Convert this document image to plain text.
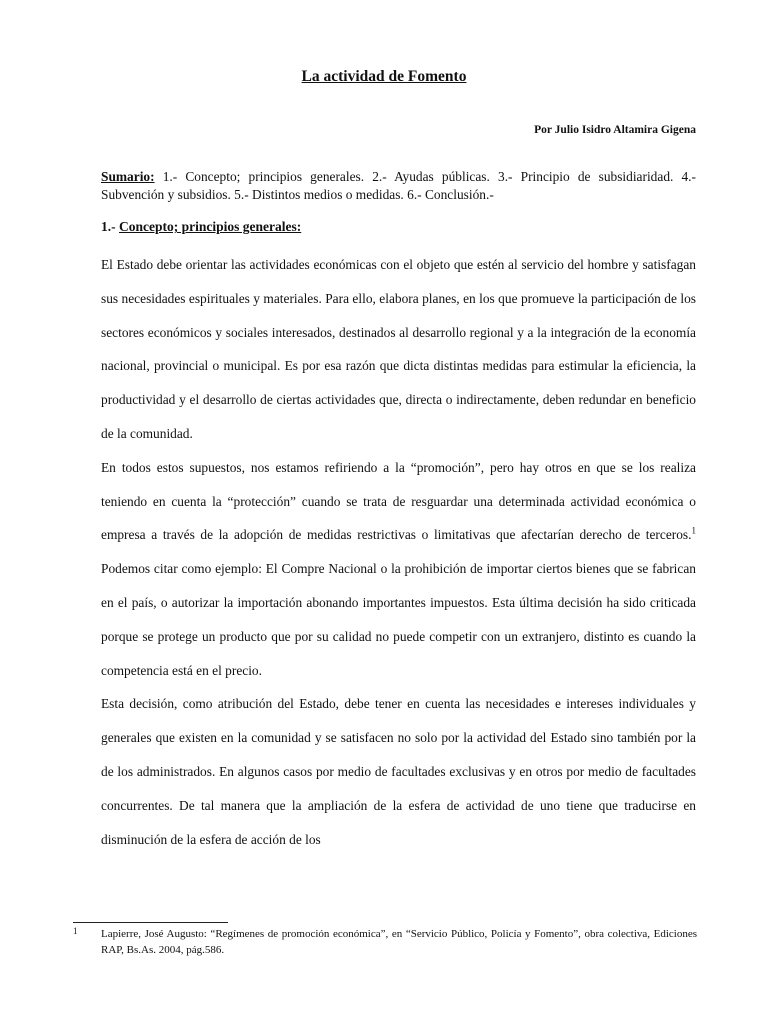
La actividad de Fomento
Por Julio Isidro Altamira Gigena
Sumario: 1.- Concepto; principios generales. 2.- Ayudas públicas. 3.- Principio de subsidiaridad. 4.- Subvención y subsidios. 5.- Distintos medios o medidas. 6.- Conclusión.-
1.- Concepto; principios generales:

El Estado debe orientar las actividades económicas con el objeto que estén al servicio del hombre y satisfagan sus necesidades espirituales y materiales. Para ello, elabora planes, en los que promueve la participación de los sectores económicos y sociales interesados, destinados al desarrollo regional y a la integración de la economía nacional, provincial o municipal. Es por esa razón que dicta distintas medidas para estimular la eficiencia, la productividad y el desarrollo de ciertas actividades que, directa o indirectamente, deben redundar en beneficio de la comunidad.

En todos estos supuestos, nos estamos refiriendo a la “promoción”, pero hay otros en que se los realiza teniendo en cuenta la “protección” cuando se trata de resguardar una determinada actividad económica o empresa a través de la adopción de medidas restrictivas o limitativas que afectarían derecho de terceros.$^1$ Podemos citar como ejemplo: El Compre Nacional o la prohibición de importar ciertos bienes que se fabrican en el país, o autorizar la importación abonando importantes impuestos. Esta última decisión ha sido criticada porque se protege un producto que por su calidad no puede competir con un extranjero, distinto es cuando la competencia está en el precio.

Esta decisión, como atribución del Estado, debe tener en cuenta las necesidades e intereses individuales y generales que existen en la comunidad y se satisfacen no solo por la actividad del Estado sino también por la de los administrados. En algunos casos por medio de facultades exclusivas y en otros por medio de facultades concurrentes. De tal manera que la ampliación de la esfera de actividad de uno tiene que traducirse en disminución de la esfera de acción de los

1	Lapierre, José Augusto: “Regímenes de promoción económica”, en “Servicio Público, Policía y Fomento”, obra colectiva, Ediciones RAP, Bs.As. 2004, pág.586.
